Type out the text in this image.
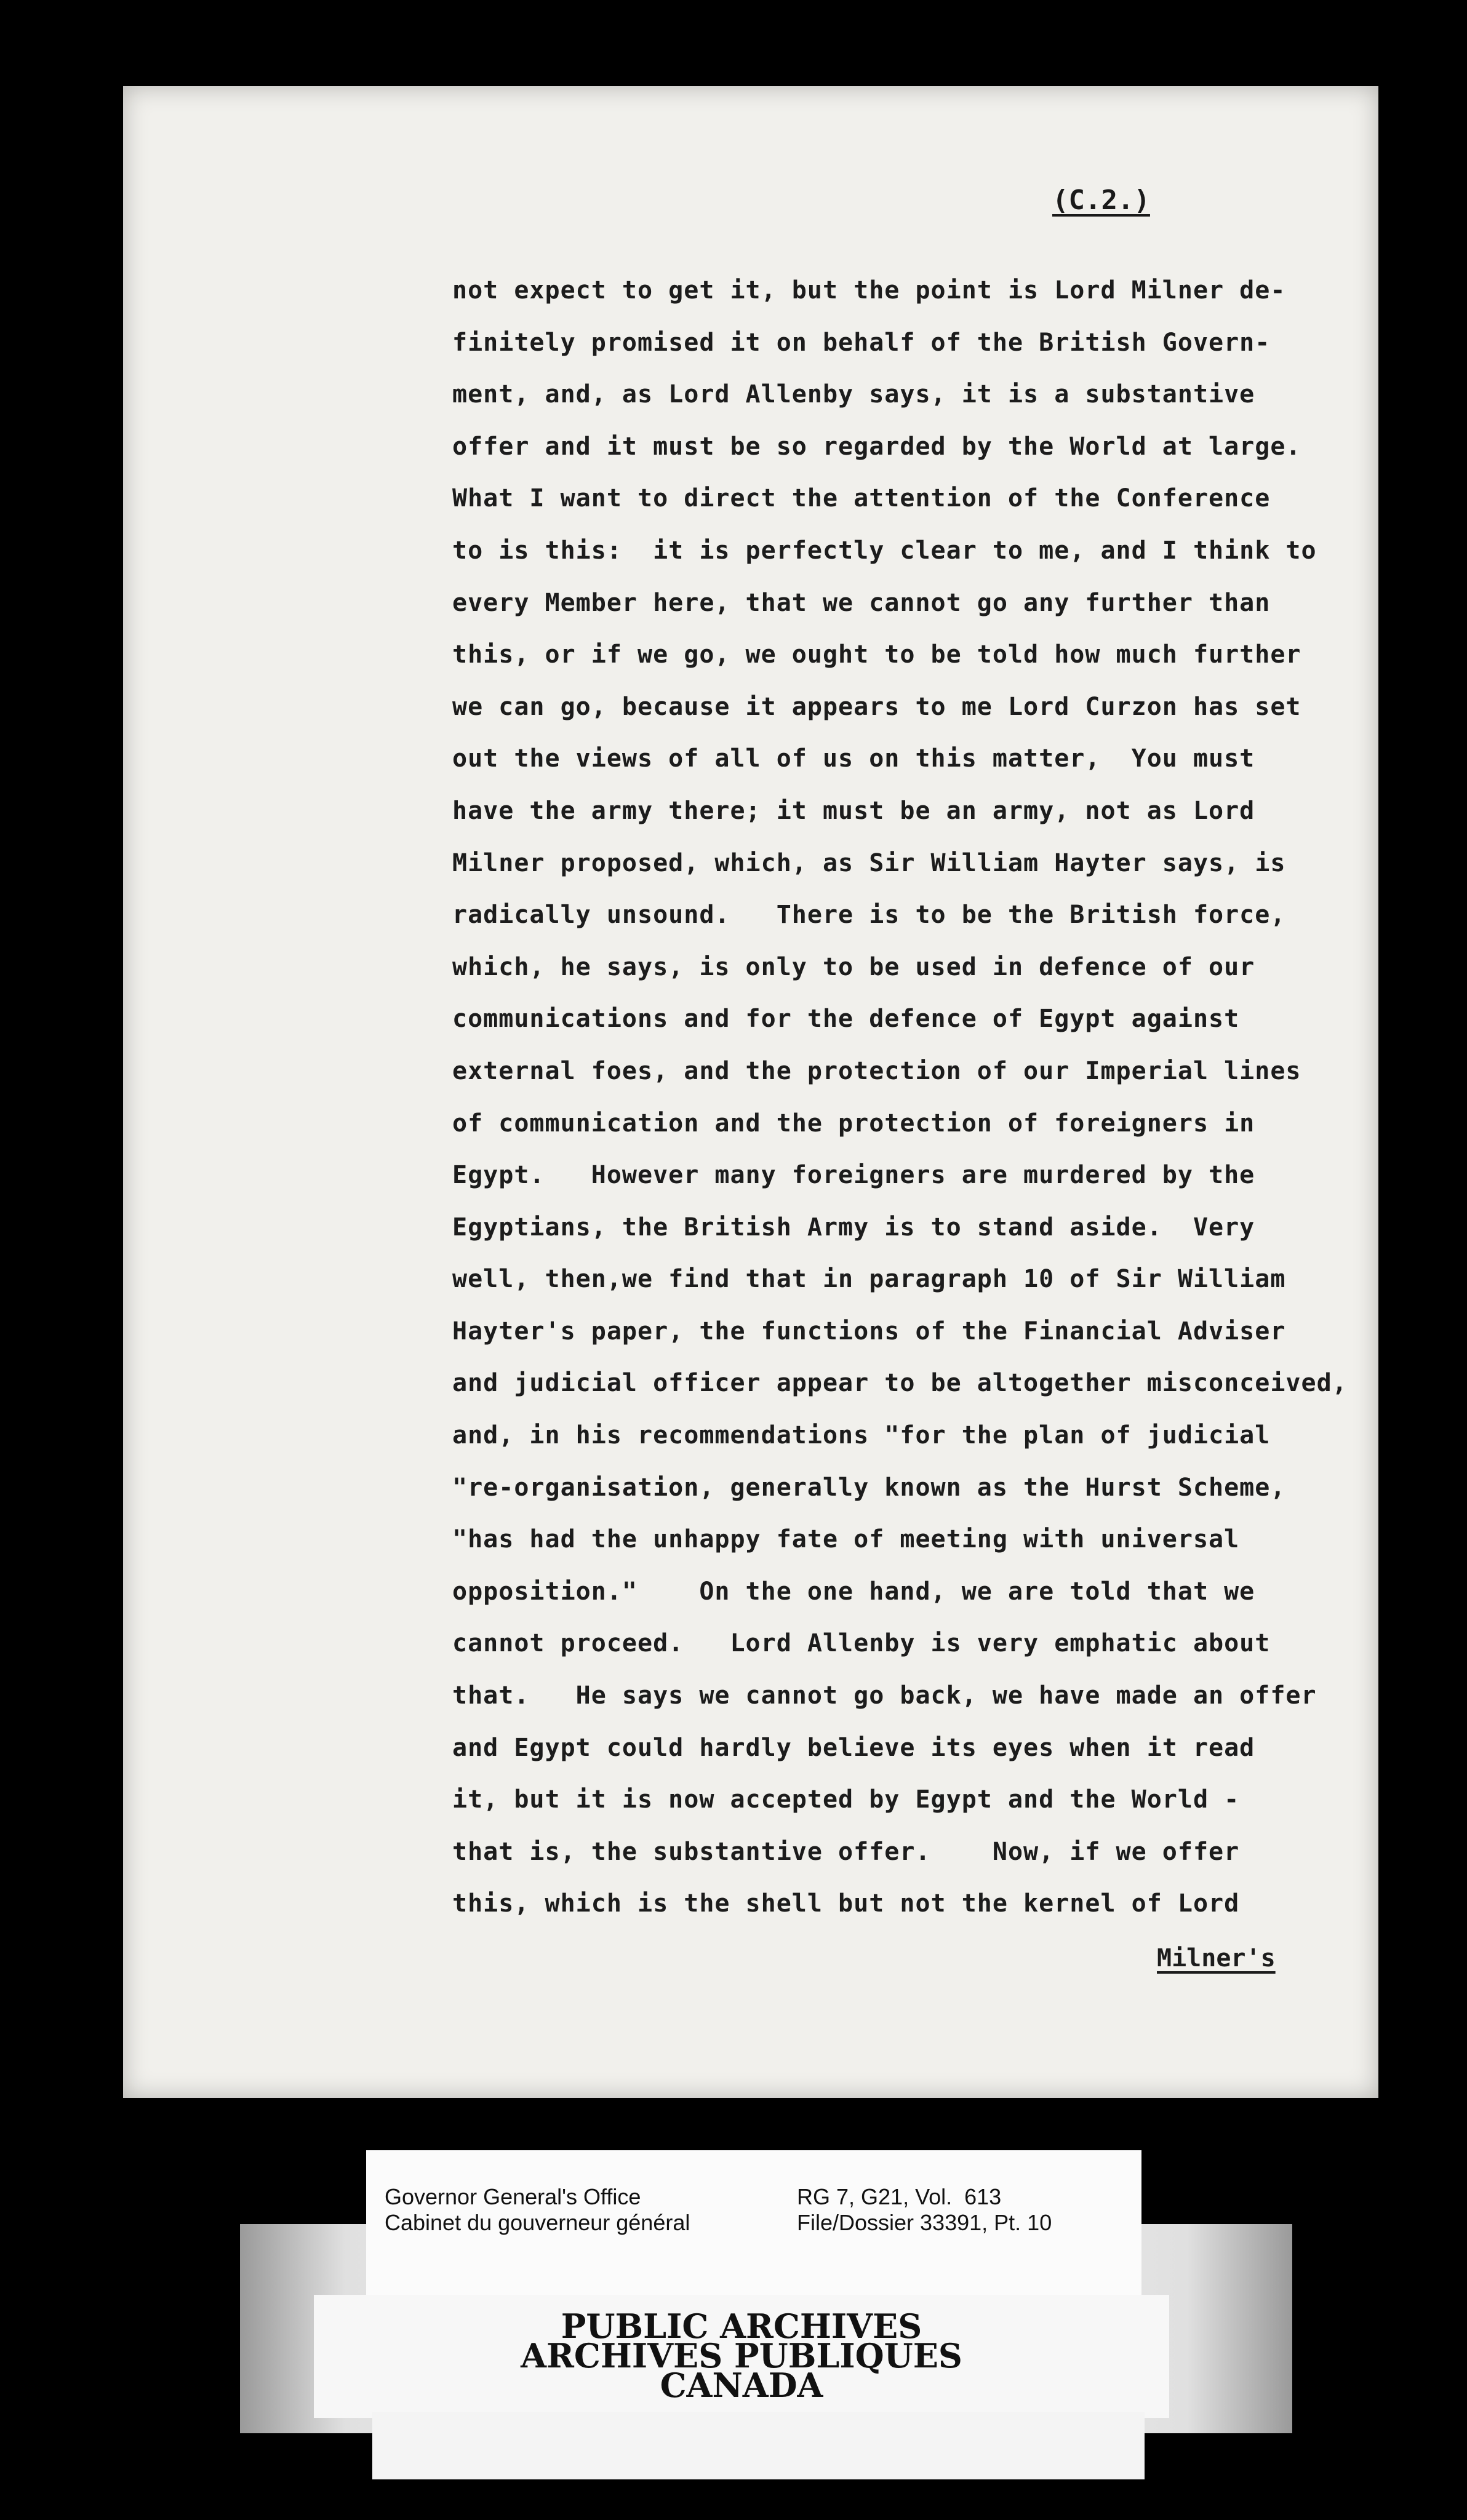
(C.2.)
not expect to get it, but the point is Lord Milner de-
finitely promised it on behalf of the British Govern-
ment, and, as Lord Allenby says, it is a substantive
offer and it must be so regarded by the World at large.
What I want to direct the attention of the Conference
to is this:  it is perfectly clear to me, and I think to
every Member here, that we cannot go any further than
this, or if we go, we ought to be told how much further
we can go, because it appears to me Lord Curzon has set
out the views of all of us on this matter,  You must
have the army there; it must be an army, not as Lord
Milner proposed, which, as Sir William Hayter says, is
radically unsound.   There is to be the British force,
which, he says, is only to be used in defence of our
communications and for the defence of Egypt against
external foes, and the protection of our Imperial lines
of communication and the protection of foreigners in
Egypt.   However many foreigners are murdered by the
Egyptians, the British Army is to stand aside.  Very
well, then,we find that in paragraph 10 of Sir William
Hayter's paper, the functions of the Financial Adviser
and judicial officer appear to be altogether misconceived,
and, in his recommendations "for the plan of judicial
"re-organisation, generally known as the Hurst Scheme,
"has had the unhappy fate of meeting with universal
opposition."    On the one hand, we are told that we
cannot proceed.   Lord Allenby is very emphatic about
that.   He says we cannot go back, we have made an offer
and Egypt could hardly believe its eyes when it read
it, but it is now accepted by Egypt and the World -
that is, the substantive offer.    Now, if we offer
this, which is the shell but not the kernel of Lord
Milner's
Governor General's Office
Cabinet du gouverneur général
RG 7, G21, Vol.  613
File/Dossier 33391, Pt. 10
PUBLIC ARCHIVES
ARCHIVES PUBLIQUES
CANADA
